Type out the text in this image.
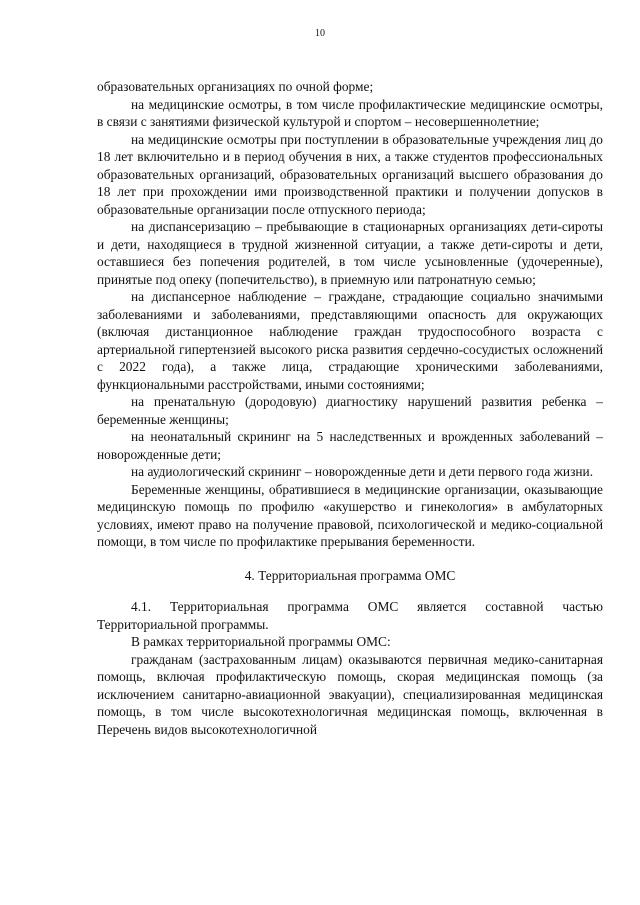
10

образовательных организациях по очной форме;

на медицинские осмотры, в том числе профилактические медицинские осмотры, в связи с занятиями физической культурой и спортом – несовершеннолетние;

на медицинские осмотры при поступлении в образовательные учреждения лиц до 18 лет включительно и в период обучения в них, а также студентов профессиональных образовательных организаций, образовательных организаций высшего образования до 18 лет при прохождении ими производственной практики и получении допусков в образовательные организации после отпускного периода;

на диспансеризацию – пребывающие в стационарных организациях дети-сироты и дети, находящиеся в трудной жизненной ситуации, а также дети-сироты и дети, оставшиеся без попечения родителей, в том числе усыновленные (удочеренные), принятые под опеку (попечительство), в приемную или патронатную семью;

на диспансерное наблюдение – граждане, страдающие социально значимыми заболеваниями и заболеваниями, представляющими опасность для окружающих (включая дистанционное наблюдение граждан трудоспособного возраста с артериальной гипертензией высокого риска развития сердечно-сосудистых осложнений с 2022 года), а также лица, страдающие хроническими заболеваниями, функциональными расстройствами, иными состояниями;

на пренатальную (дородовую) диагностику нарушений развития ребенка – беременные женщины;

на неонатальный скрининг на 5 наследственных и врожденных заболеваний – новорожденные дети;

на аудиологический скрининг – новорожденные дети и дети первого года жизни.

Беременные женщины, обратившиеся в медицинские организации, оказывающие медицинскую помощь по профилю «акушерство и гинекология» в амбулаторных условиях, имеют право на получение правовой, психологической и медико-социальной помощи, в том числе по профилактике прерывания беременности.

4. Территориальная программа ОМС

4.1. Территориальная программа ОМС является составной частью Территориальной программы.

В рамках территориальной программы ОМС:

гражданам (застрахованным лицам) оказываются первичная медико-санитарная помощь, включая профилактическую помощь, скорая медицинская помощь (за исключением санитарно-авиационной эвакуации), специализированная медицинская помощь, в том числе высокотехнологичная медицинская помощь, включенная в Перечень видов высокотехнологичной
